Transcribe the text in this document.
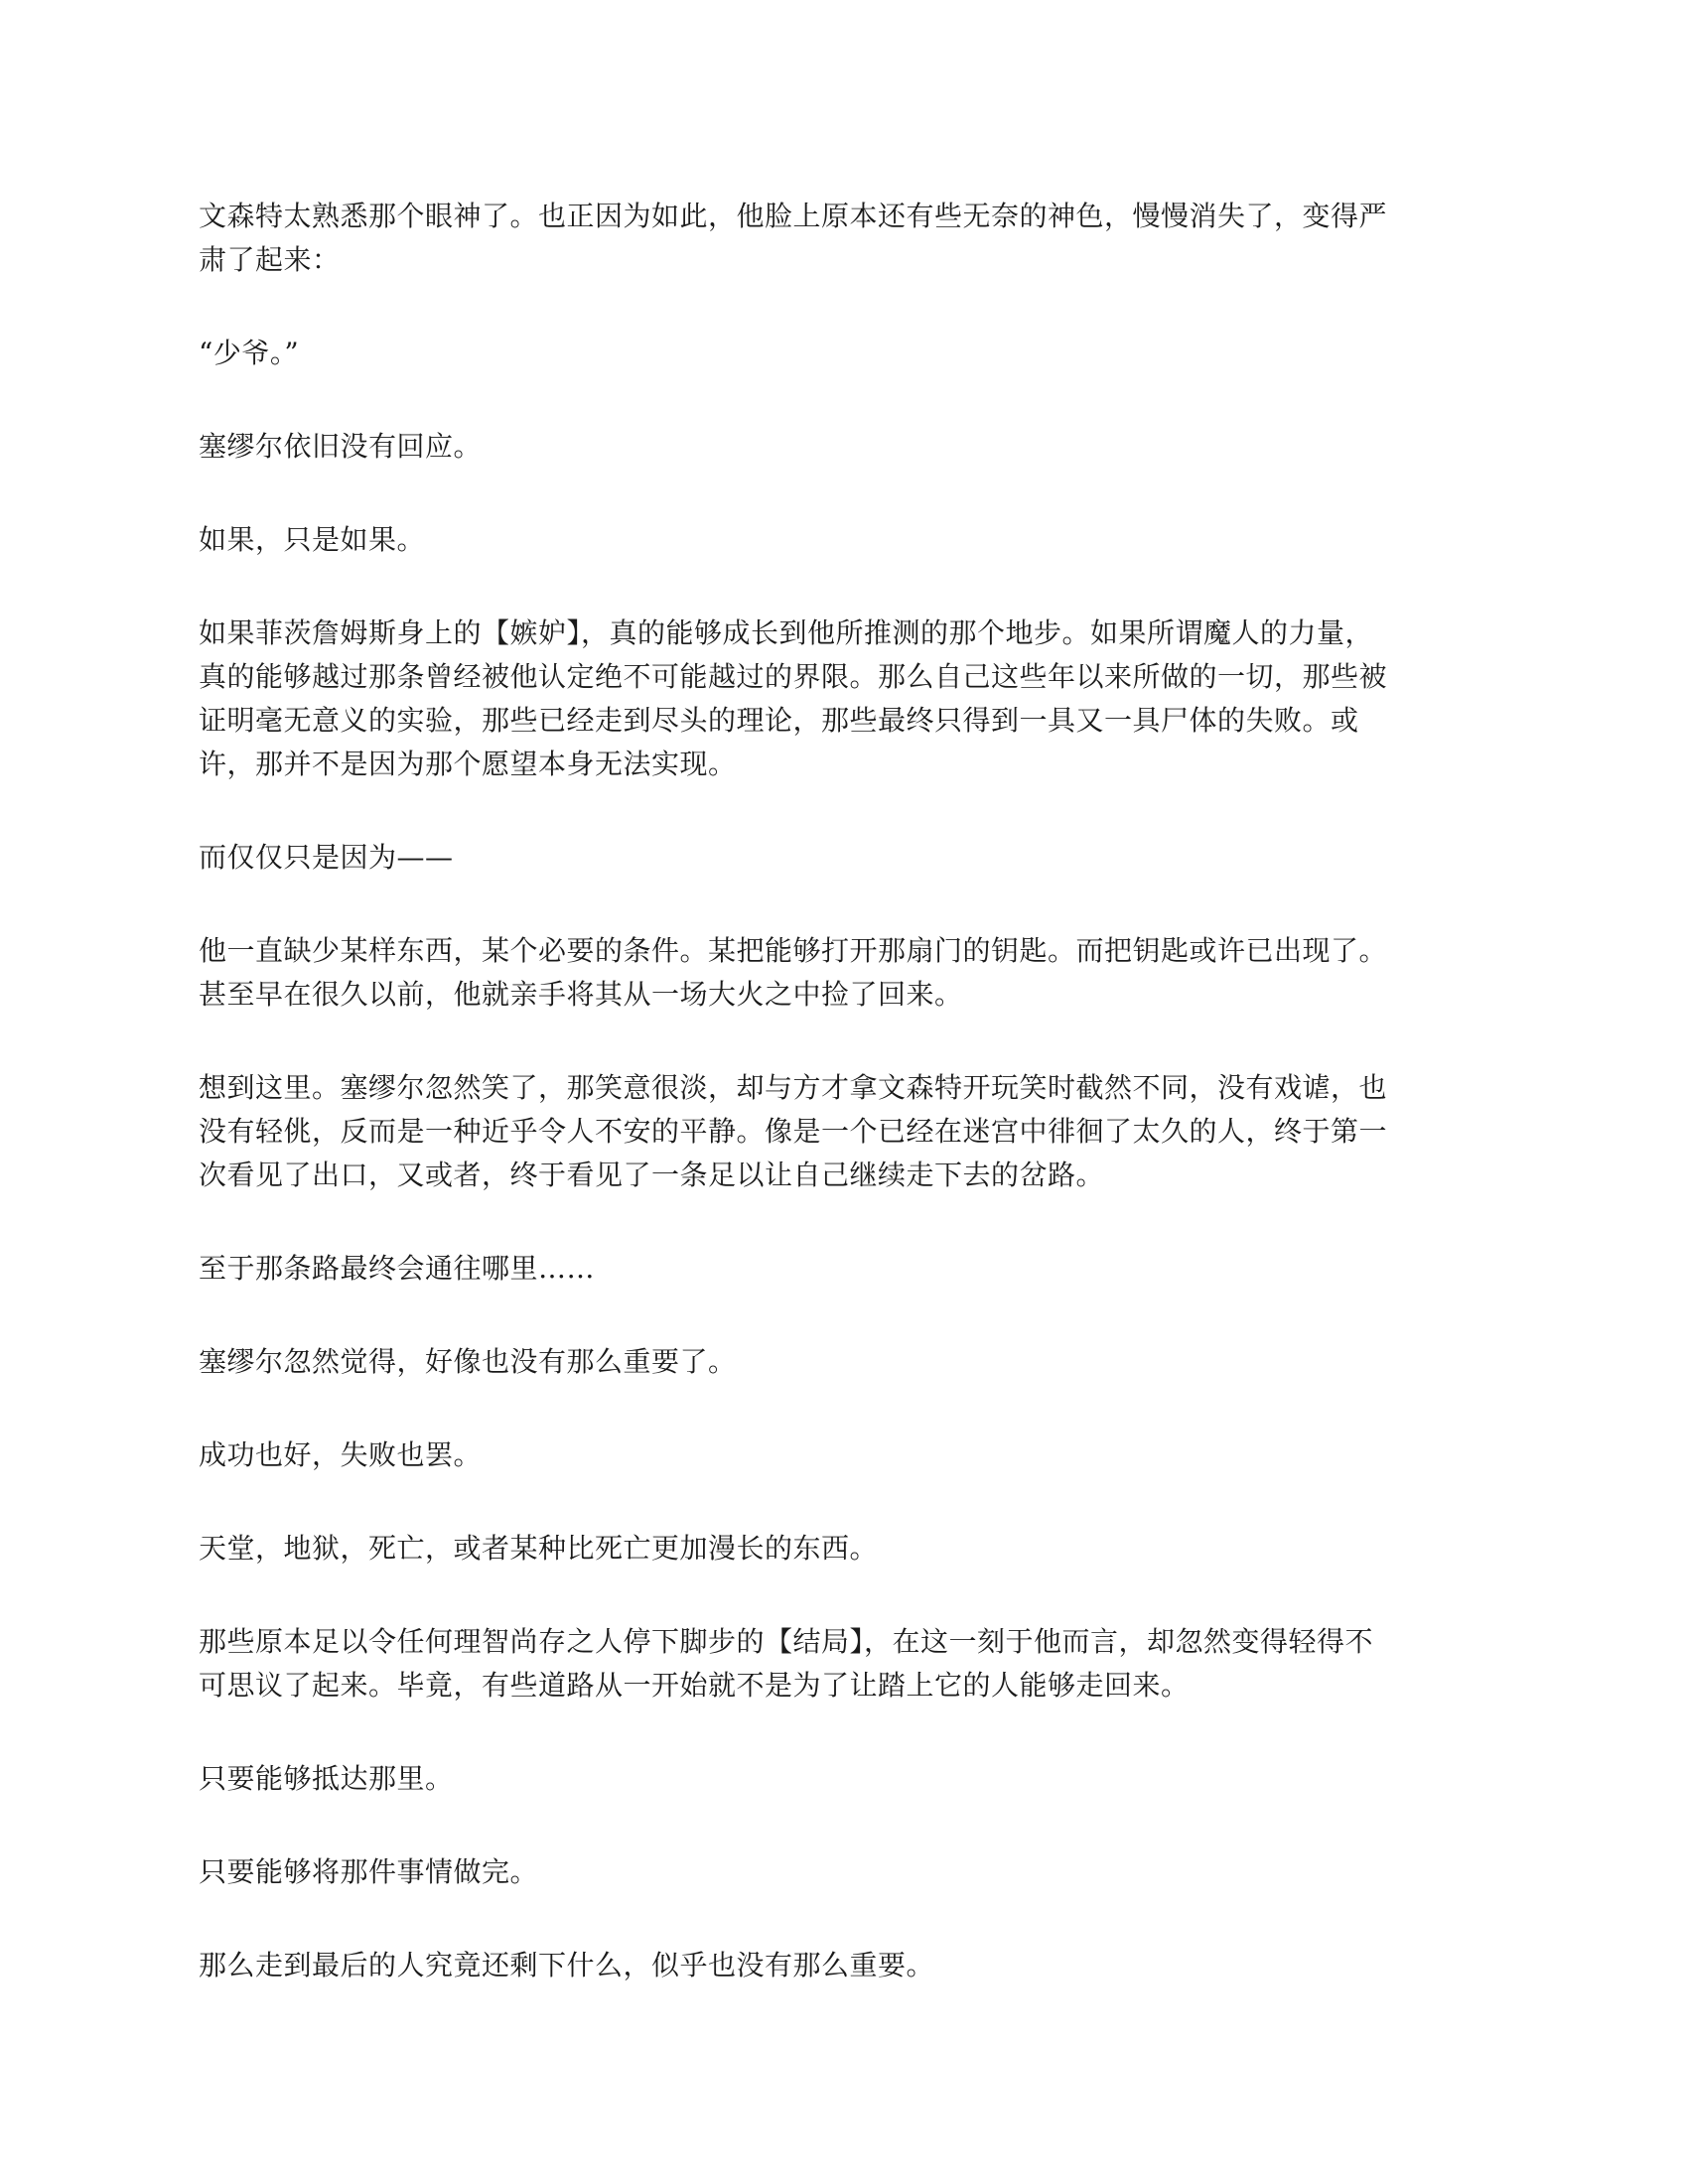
文森特太熟悉那个眼神了。也正因为如此，他脸上原本还有些无奈的神色，慢慢消失了，变得严
肃了起来：

“少爷。”

塞缪尔依旧没有回应。

如果，只是如果。

如果菲茨詹姆斯身上的【嫉妒】，真的能够成长到他所推测的那个地步。如果所谓魔人的力量，
真的能够越过那条曾经被他认定绝不可能越过的界限。那么自己这些年以来所做的一切，那些被
证明毫无意义的实验，那些已经走到尽头的理论，那些最终只得到一具又一具尸体的失败。或
许，那并不是因为那个愿望本身无法实现。

而仅仅只是因为——

他一直缺少某样东西，某个必要的条件。某把能够打开那扇门的钥匙。而把钥匙或许已出现了。
甚至早在很久以前，他就亲手将其从一场大火之中捡了回来。

想到这里。塞缪尔忽然笑了，那笑意很淡，却与方才拿文森特开玩笑时截然不同，没有戏谑，也
没有轻佻，反而是一种近乎令人不安的平静。像是一个已经在迷宫中徘徊了太久的人，终于第一
次看见了出口，又或者，终于看见了一条足以让自己继续走下去的岔路。

至于那条路最终会通往哪里……

塞缪尔忽然觉得，好像也没有那么重要了。

成功也好，失败也罢。

天堂，地狱，死亡，或者某种比死亡更加漫长的东西。

那些原本足以令任何理智尚存之人停下脚步的【结局】，在这一刻于他而言，却忽然变得轻得不
可思议了起来。毕竟，有些道路从一开始就不是为了让踏上它的人能够走回来。

只要能够抵达那里。

只要能够将那件事情做完。

那么走到最后的人究竟还剩下什么，似乎也没有那么重要。
